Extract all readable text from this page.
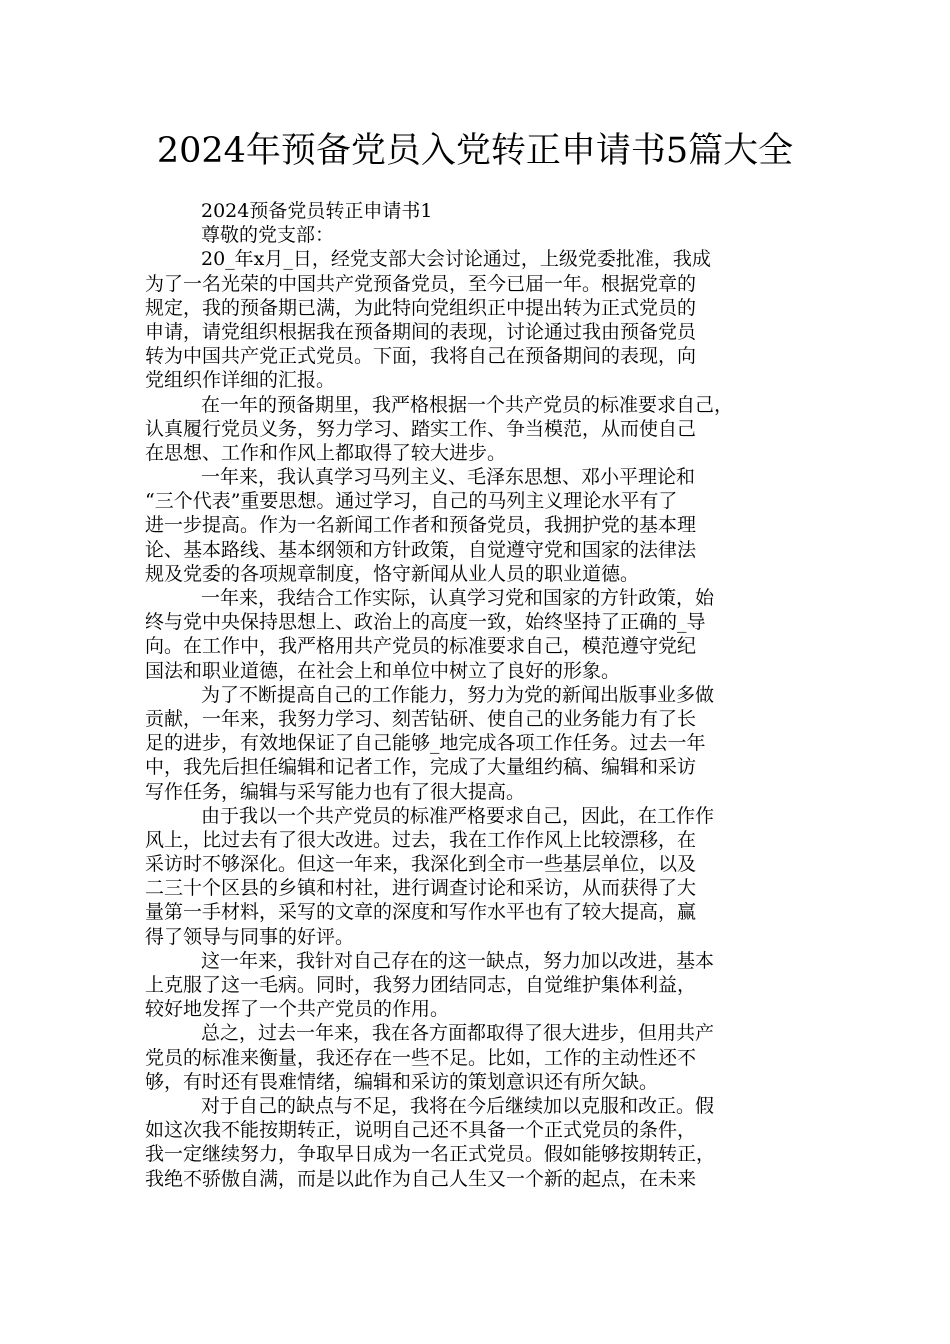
2024年预备党员入党转正申请书5篇大全
2024预备党员转正申请书1
尊敬的党支部：
20_年x月_日，经党支部大会讨论通过，上级党委批准，我成
为了一名光荣的中国共产党预备党员，至今已届一年。根据党章的
规定，我的预备期已满，为此特向党组织正中提出转为正式党员的
申请，请党组织根据我在预备期间的表现，讨论通过我由预备党员
转为中国共产党正式党员。下面，我将自己在预备期间的表现，向
党组织作详细的汇报。
在一年的预备期里，我严格根据一个共产党员的标准要求自己，
认真履行党员义务，努力学习、踏实工作、争当模范，从而使自己
在思想、工作和作风上都取得了较大进步。
一年来，我认真学习马列主义、毛泽东思想、邓小平理论和
“三个代表”重要思想。通过学习，自己的马列主义理论水平有了
进一步提高。作为一名新闻工作者和预备党员，我拥护党的基本理
论、基本路线、基本纲领和方针政策，自觉遵守党和国家的法律法
规及党委的各项规章制度，恪守新闻从业人员的职业道德。
一年来，我结合工作实际，认真学习党和国家的方针政策，始
终与党中央保持思想上、政治上的高度一致，始终坚持了正确的_导
向。在工作中，我严格用共产党员的标准要求自己，模范遵守党纪
国法和职业道德，在社会上和单位中树立了良好的形象。
为了不断提高自己的工作能力，努力为党的新闻出版事业多做
贡献，一年来，我努力学习、刻苦钻研、使自己的业务能力有了长
足的进步，有效地保证了自己能够_地完成各项工作任务。过去一年
中，我先后担任编辑和记者工作，完成了大量组约稿、编辑和采访
写作任务，编辑与采写能力也有了很大提高。
由于我以一个共产党员的标准严格要求自己，因此，在工作作
风上，比过去有了很大改进。过去，我在工作作风上比较漂移，在
采访时不够深化。但这一年来，我深化到全市一些基层单位，以及
二三十个区县的乡镇和村社，进行调查讨论和采访，从而获得了大
量第一手材料，采写的文章的深度和写作水平也有了较大提高，赢
得了领导与同事的好评。
这一年来，我针对自己存在的这一缺点，努力加以改进，基本
上克服了这一毛病。同时，我努力团结同志，自觉维护集体利益，
较好地发挥了一个共产党员的作用。
总之，过去一年来，我在各方面都取得了很大进步，但用共产
党员的标准来衡量，我还存在一些不足。比如，工作的主动性还不
够，有时还有畏难情绪，编辑和采访的策划意识还有所欠缺。
对于自己的缺点与不足，我将在今后继续加以克服和改正。假
如这次我不能按期转正，说明自己还不具备一个正式党员的条件，
我一定继续努力，争取早日成为一名正式党员。假如能够按期转正，
我绝不骄傲自满，而是以此作为自己人生又一个新的起点，在未来
